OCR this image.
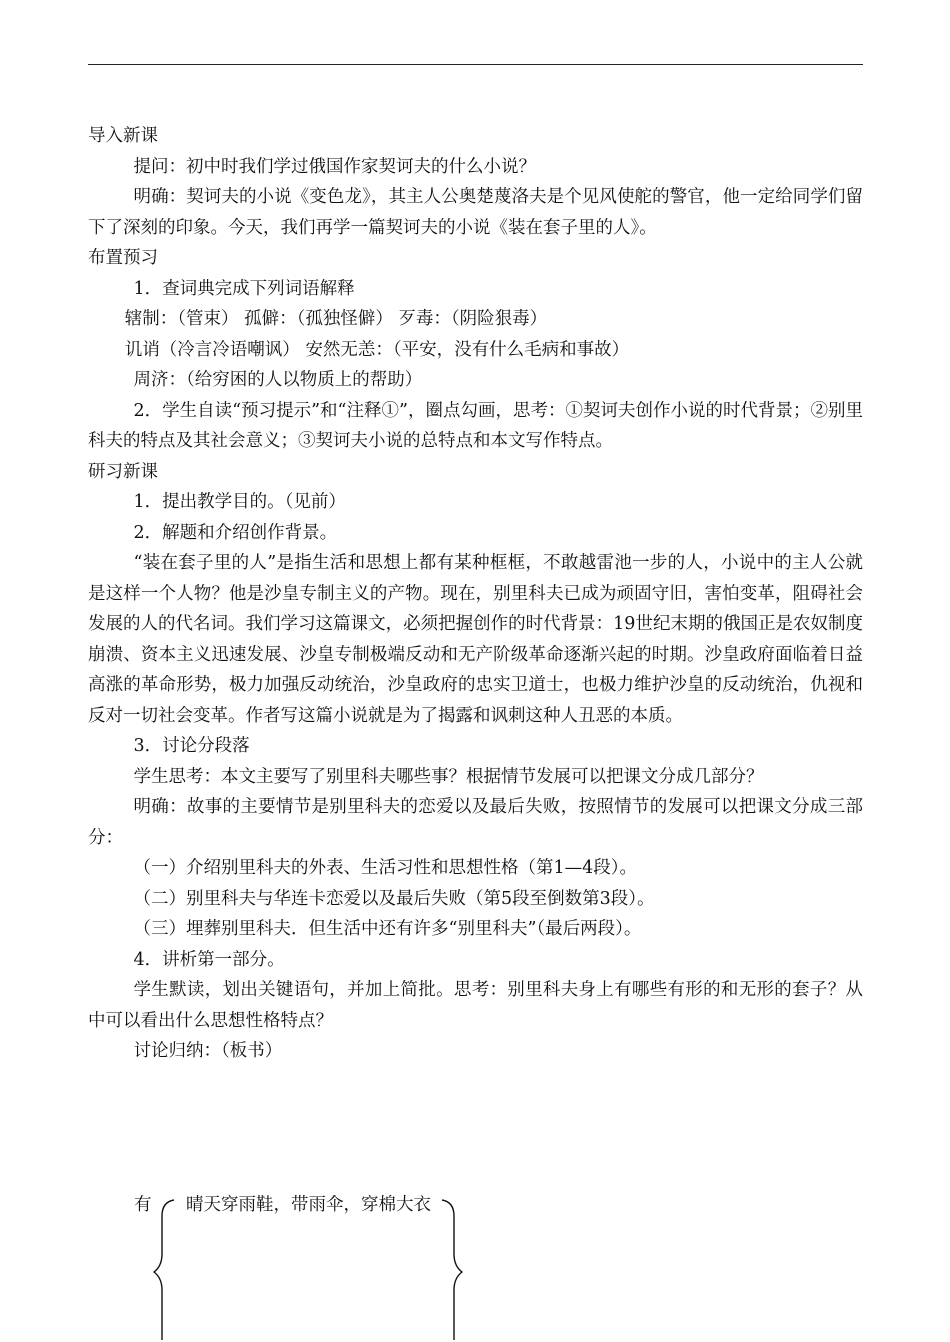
导入新课

提问：初中时我们学过俄国作家契诃夫的什么小说？

明确：契诃夫的小说《变色龙》，其主人公奥楚蔑洛夫是个见风使舵的警官，他一定给同学们留下了深刻的印象。今天，我们再学一篇契诃夫的小说《装在套子里的人》。

布置预习

1．查词典完成下列词语解释

辖制：（管束） 孤僻：（孤独怪僻） 歹毒：（阴险狠毒）

讥诮（冷言冷语嘲讽） 安然无恙：（平安，没有什么毛病和事故）

周济：（给穷困的人以物质上的帮助）

2．学生自读“预习提示”和“注释①”，圈点勾画，思考：①契诃夫创作小说的时代背景；②别里科夫的特点及其社会意义；③契诃夫小说的总特点和本文写作特点。

研习新课

1．提出教学目的。（见前）

2．解题和介绍创作背景。

“装在套子里的人”是指生活和思想上都有某种框框，不敢越雷池一步的人，小说中的主人公就是这样一个人物？他是沙皇专制主义的产物。现在，别里科夫已成为顽固守旧，害怕变革，阻碍社会发展的人的代名词。我们学习这篇课文，必须把握创作的时代背景：19世纪末期的俄国正是农奴制度崩溃、资本主义迅速发展、沙皇专制极端反动和无产阶级革命逐渐兴起的时期。沙皇政府面临着日益高涨的革命形势，极力加强反动统治，沙皇政府的忠实卫道士，也极力维护沙皇的反动统治，仇视和反对一切社会变革。作者写这篇小说就是为了揭露和讽刺这种人丑恶的本质。

3．讨论分段落

学生思考：本文主要写了别里科夫哪些事？根据情节发展可以把课文分成几部分？

明确：故事的主要情节是别里科夫的恋爱以及最后失败，按照情节的发展可以把课文分成三部分：

（一）介绍别里科夫的外表、生活习性和思想性格（第1—4段）。

（二）别里科夫与华连卡恋爱以及最后失败（第5段至倒数第3段）。

（三）埋葬别里科夫．但生活中还有许多“别里科夫”（最后两段）。

4．讲析第一部分。

学生默读，划出关键语句，并加上简批。思考：别里科夫身上有哪些有形的和无形的套子？从中可以看出什么思想性格特点？

讨论归纳：（板书）

有 晴天穿雨鞋，带雨伞，穿棉大衣
